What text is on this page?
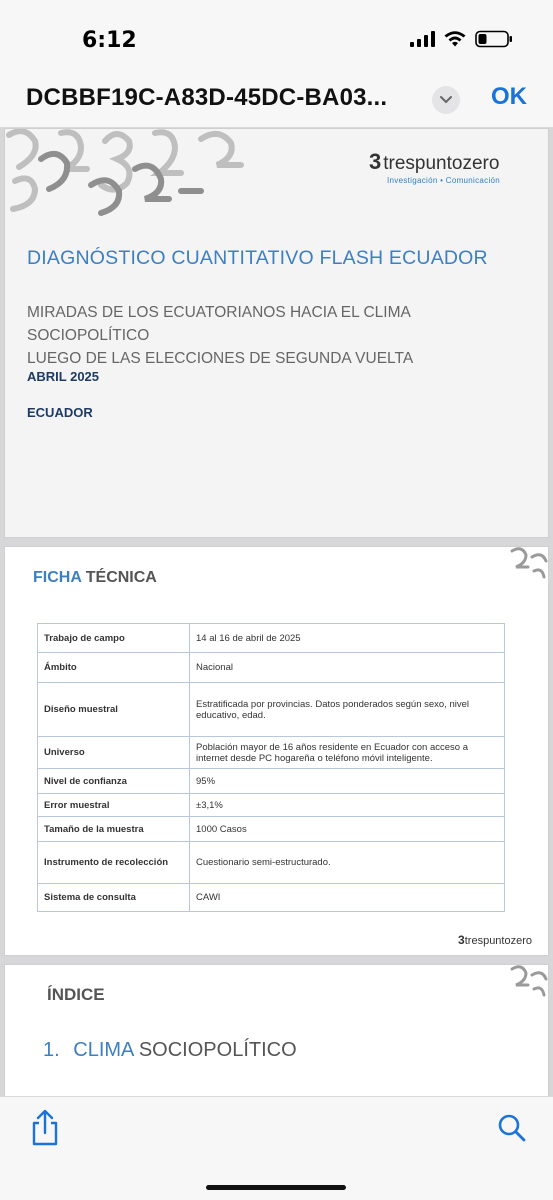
6:12
DCBBF19C-A83D-45DC-BA03...	OK
3 trespuntozero
Investigación • Comunicación
DIAGNÓSTICO CUANTITATIVO FLASH ECUADOR
MIRADAS DE LOS ECUATORIANOS HACIA EL CLIMA SOCIOPOLÍTICO
LUEGO DE LAS ELECCIONES DE SEGUNDA VUELTA
ABRIL 2025
ECUADOR
FICHA TÉCNICA
Trabajo de campo	14 al 16 de abril de 2025
Ámbito	Nacional
Diseño muestral	Estratificada por provincias. Datos ponderados según sexo, nivel educativo, edad.
Universo	Población mayor de 16 años residente en Ecuador con acceso a internet desde PC hogareña o teléfono móvil inteligente.
Nivel de confianza	95%
Error muestral	±3,1%
Tamaño de la muestra	1000 Casos
Instrumento de recolección	Cuestionario semi-estructurado.
Sistema de consulta	CAWI
3trespuntozero
ÍNDICE
1. CLIMA SOCIOPOLÍTICO
